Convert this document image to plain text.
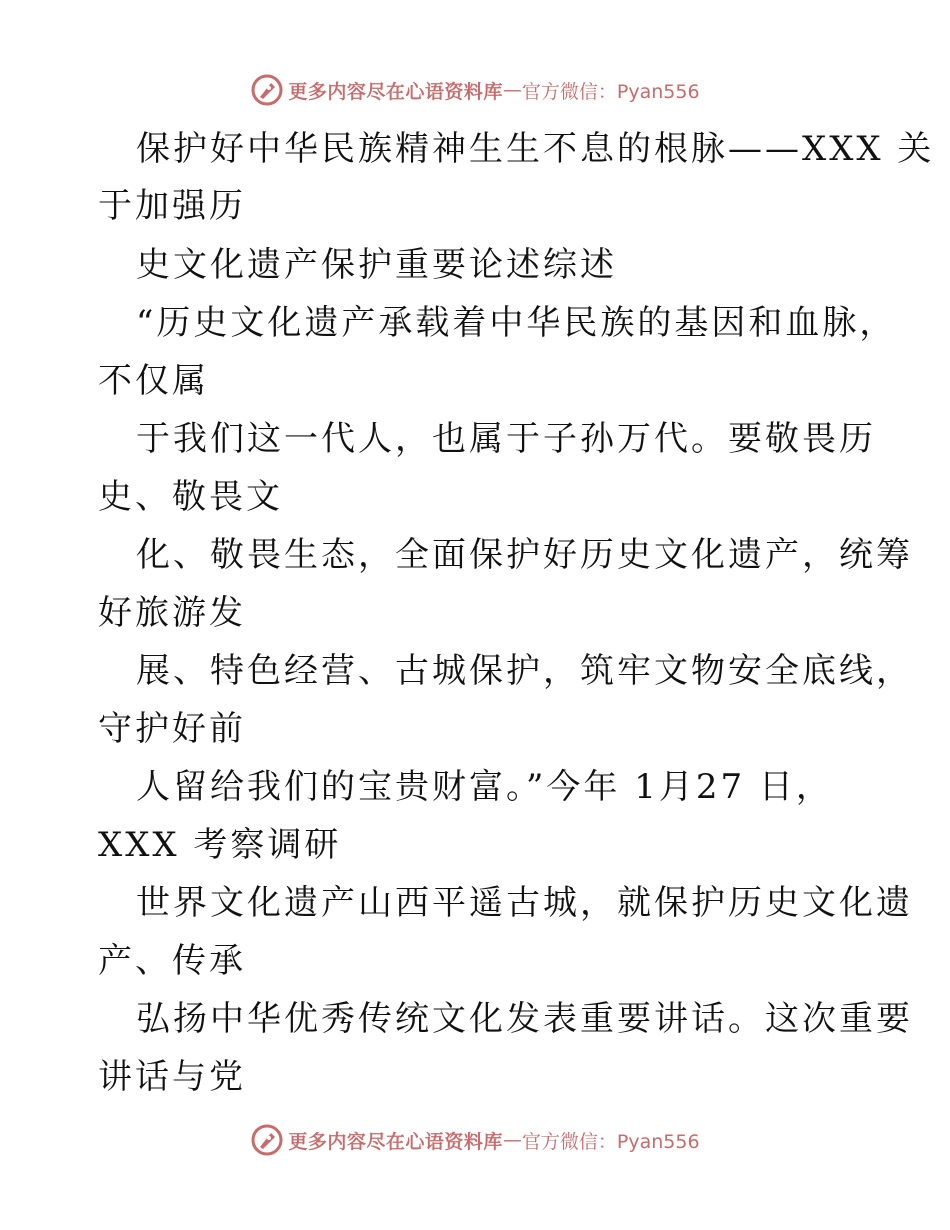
更多内容尽在心语资料库 — 官方微信：Pyan556
保护好中华民族精神生生不息的根脉——XXX 关
于加强历
史文化遗产保护重要论述综述
“历史文化遗产承载着中华民族的基因和血脉，
不仅属
于我们这一代人，也属于子孙万代。要敬畏历
史、敬畏文
化、敬畏生态，全面保护好历史文化遗产，统筹
好旅游发
展、特色经营、古城保护，筑牢文物安全底线，
守护好前
人留给我们的宝贵财富。”今年 1月27 日，
XXX 考察调研
世界文化遗产山西平遥古城，就保护历史文化遗
产、传承
弘扬中华优秀传统文化发表重要讲话。这次重要
讲话与党
更多内容尽在心语资料库 — 官方微信：Pyan556
